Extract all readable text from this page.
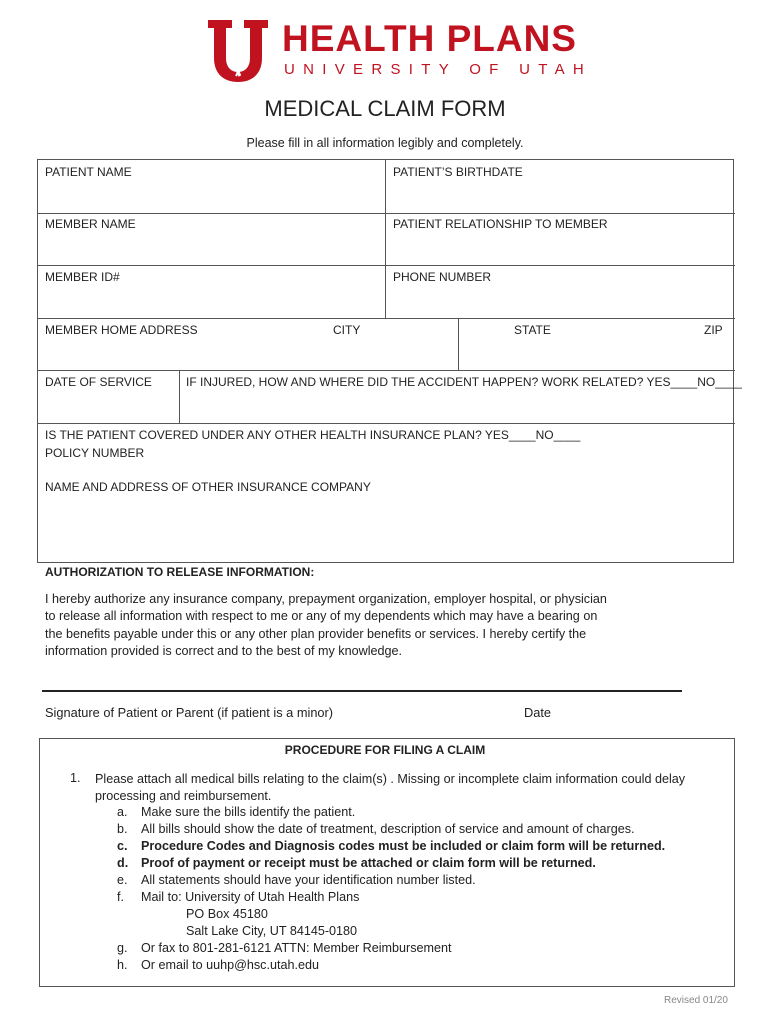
HEALTH PLANS
UNIVERSITY OF UTAH
MEDICAL CLAIM FORM
Please fill in all information legibly and completely.
PATIENT NAME	PATIENT’S BIRTHDATE
MEMBER NAME	PATIENT RELATIONSHIP TO MEMBER
MEMBER ID#	PHONE NUMBER
MEMBER HOME ADDRESS	CITY	STATE	ZIP
DATE OF SERVICE	IF INJURED, HOW AND WHERE DID THE ACCIDENT HAPPEN? WORK RELATED? YES____NO____
IS THE PATIENT COVERED UNDER ANY OTHER HEALTH INSURANCE PLAN? YES____NO____
POLICY NUMBER
NAME AND ADDRESS OF OTHER INSURANCE COMPANY
AUTHORIZATION TO RELEASE INFORMATION:
I hereby authorize any insurance company, prepayment organization, employer hospital, or physician
to release all information with respect to me or any of my dependents which may have a bearing on
the benefits payable under this or any other plan provider benefits or services. I hereby certify the
information provided is correct and to the best of my knowledge.
Signature of Patient or Parent (if patient is a minor)	Date
PROCEDURE FOR FILING A CLAIM
1. Please attach all medical bills relating to the claim(s) . Missing or incomplete claim information could delay processing and reimbursement.
a. Make sure the bills identify the patient.
b. All bills should show the date of treatment, description of service and amount of charges.
c. Procedure Codes and Diagnosis codes must be included or claim form will be returned.
d. Proof of payment or receipt must be attached or claim form will be returned.
e. All statements should have your identification number listed.
f. Mail to: University of Utah Health Plans
PO Box 45180
Salt Lake City, UT 84145-0180
g. Or fax to 801-281-6121 ATTN: Member Reimbursement
h. Or email to uuhp@hsc.utah.edu
Revised 01/20
